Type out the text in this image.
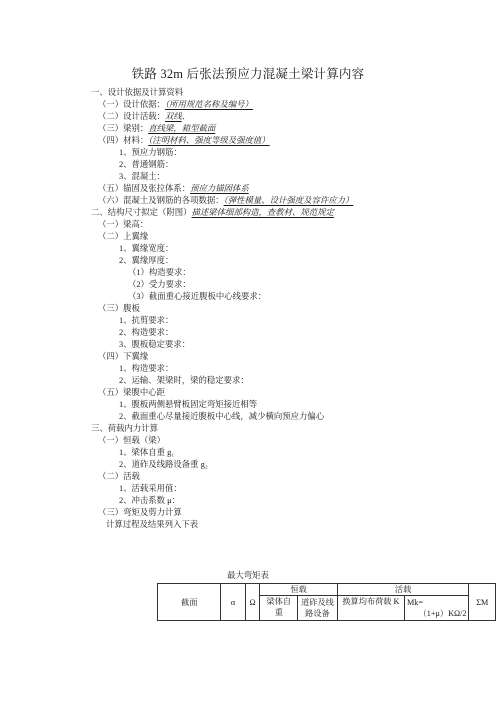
铁路 32m 后张法预应力混凝土梁计算内容
一、设计依据及计算资料
（一）设计依据：（所用规范名称及编号）
（二）设计活载：双线、
（三）梁别：直线梁，箱型截面
（四）材料：（注明材料、强度等级及强度值）
1、预应力钢筋：
2、普通钢筋：
3、混凝土：
（五）锚固及张拉体系：预应力锚固体系
（六）混凝土及钢筋的各项数据：（弹性模量、设计强度及容许应力）
二、结构尺寸拟定（附图）描述梁体细部构造，查教材、规范规定
（一）梁高：
（二）上翼缘
1、翼缘宽度：
2、翼缘厚度：
（1）构造要求：
（2）受力要求：
（3）截面重心接近腹板中心线要求：
（三）腹板
1、抗剪要求：
2、构造要求：
3、腹板稳定要求：
（四）下翼缘
1、构造要求：
2、运输、架梁时，梁的稳定要求：
（五）梁腹中心距
1、腹板两侧悬臂板固定弯矩接近相等
2、截面重心尽量接近腹板中心线，减少横向预应力偏心
三、荷载内力计算
（一）恒载（梁）
1、梁体自重 g₁
2、道砟及线路设备重 g₂
（二）活载
1、活载采用值：
2、冲击系数 μ：
（三）弯矩及剪力计算
计算过程及结果列入下表
最大弯矩表
截面	α	Ω	恒载		活载		ΣM
			梁体自重	道砟及线路设备	换算均布荷载 K	Mk=
（1+μ）KΩ/2	
